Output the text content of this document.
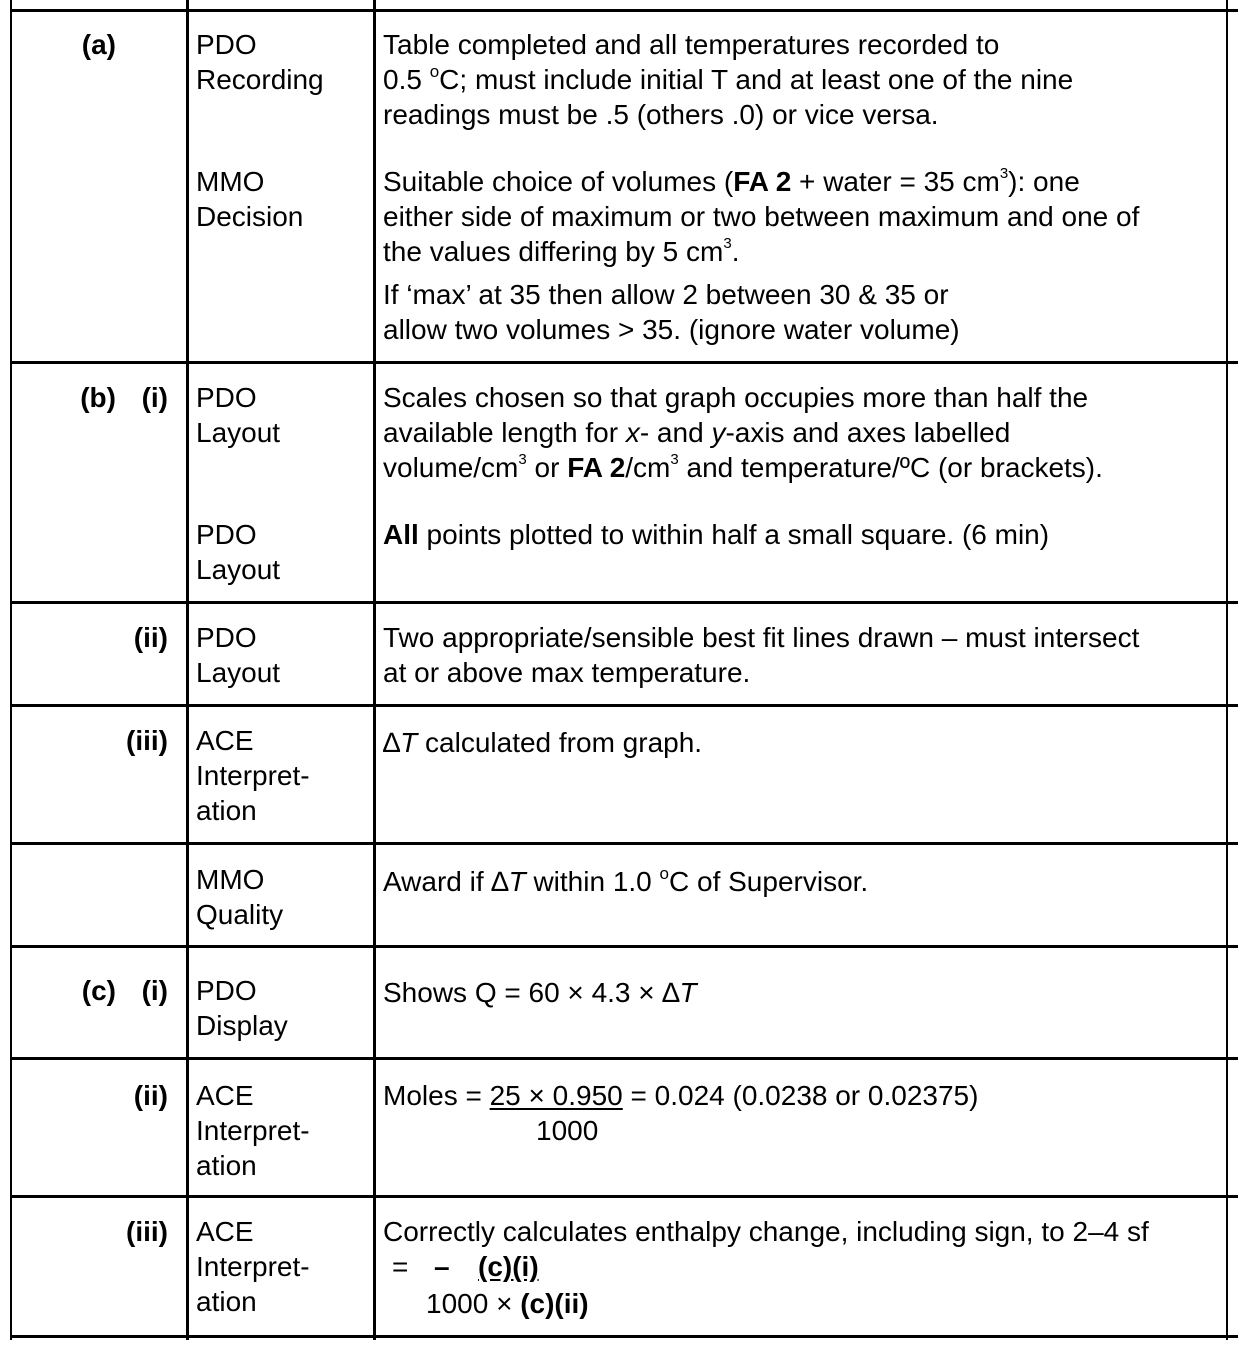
(a)	PDO

Recording

Table completed and all temperatures recorded to
0.5 $^o$C; must include initial T and at least one of the nine
readings must be .5 (others .0) or vice versa.

MMO

Decision

Suitable choice of volumes (FA 2 + water = 35 $cm^3$): one
either side of maximum or two between maximum and one of
the values differing by 5 $cm^3$.
If ‘max’ at 35 then allow 2 between 30 & 35 or
allow two volumes > 35. (ignore water volume)
(b) (i) PDO

Layout

Scales chosen so that graph occupies more than half the
available length for x- and y-axis and axes labelled
volume/$cm^3$ or FA $2/cm^3$ and temperature/ºC (or brackets).

PDO

Layout

All points plotted to within half a small square. (6 min)
(ii) PDO

Layout

Two appropriate/sensible best fit lines drawn – must intersect
at or above max temperature.
(iii) ACE

Interpret-

ation

∆T calculated from graph.

MMO

Quality

Award if ∆T within 1.0 $^o$C of Supervisor.
(c) (i) PDO

Display

Shows Q = 60 × 4.3 × ∆T
(ii) ACE

Interpret-

ation

Moles = 25 × 0.950 = 0.024 (0.0238 or 0.02375)
1000
(iii) ACE

Interpret-

ation

Correctly calculates enthalpy change, including sign, to 2–4 sf
= – (c)(i)
1000 × (c)(ii)
